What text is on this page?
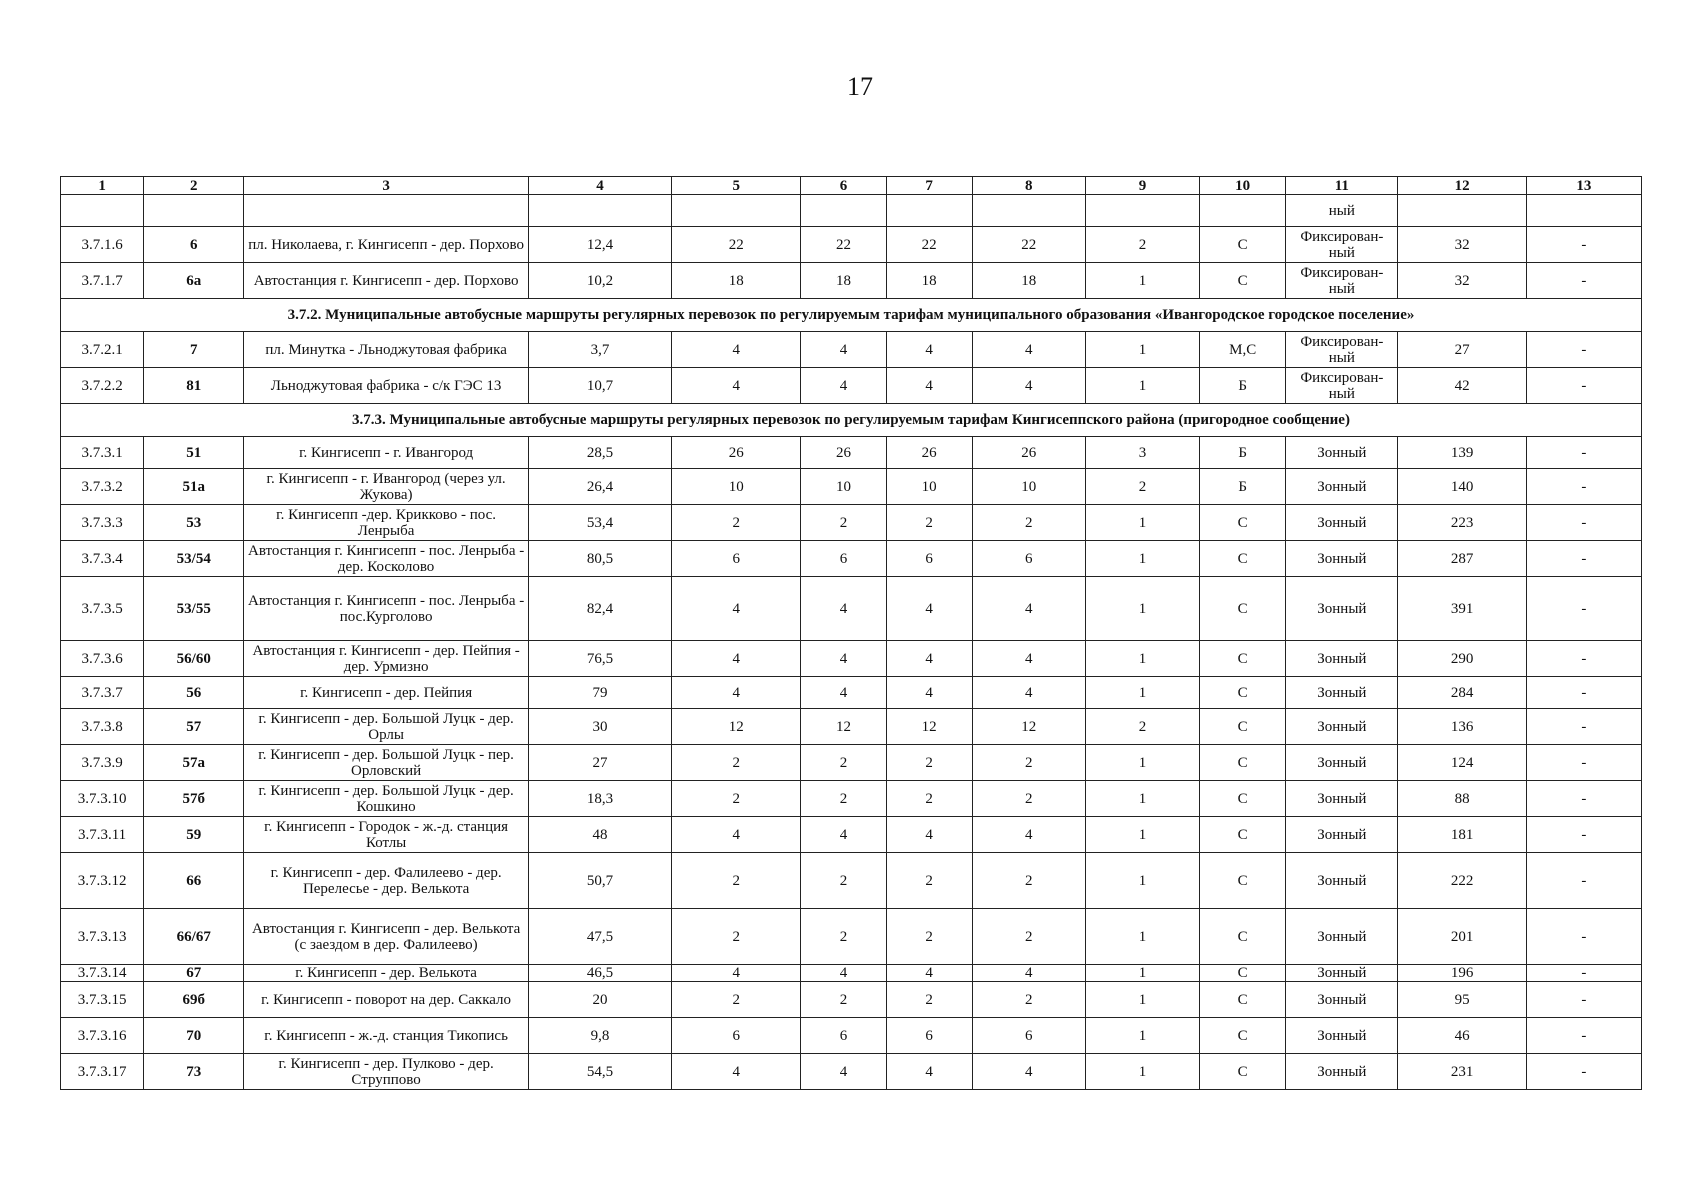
17
1	2	3	4	5	6	7	8	9	10	11	12	13
										ный		
3.7.1.6	6	пл. Николаева, г. Кингисепп - дер. Порхово	12,4	22	22	22	22	2	С	Фиксирован-ный	32	-
3.7.1.7	6а	Автостанция г. Кингисепп - дер. Порхово	10,2	18	18	18	18	1	С	Фиксирован-ный	32	-
3.7.2. Муниципальные автобусные маршруты регулярных перевозок по регулируемым тарифам муниципального образования «Ивангородское городское поселение»												
3.7.2.1	7	пл. Минутка - Льноджутовая фабрика	3,7	4	4	4	4	1	М,С	Фиксирован-ный	27	-
3.7.2.2	81	Льноджутовая фабрика - с/к ГЭС 13	10,7	4	4	4	4	1	Б	Фиксирован-ный	42	-
3.7.3. Муниципальные автобусные маршруты регулярных перевозок по регулируемым тарифам Кингисеппского района (пригородное сообщение)												
3.7.3.1	51	г. Кингисепп - г. Ивангород	28,5	26	26	26	26	3	Б	Зонный	139	-
3.7.3.2	51а	г. Кингисепп - г. Ивангород (через ул. Жукова)	26,4	10	10	10	10	2	Б	Зонный	140	-
3.7.3.3	53	г. Кингисепп -дер. Крикково - пос. Ленрыба	53,4	2	2	2	2	1	С	Зонный	223	-
3.7.3.4	53/54	Автостанция г. Кингисепп - пос. Ленрыба - дер. Косколово	80,5	6	6	6	6	1	С	Зонный	287	-
3.7.3.5	53/55	Автостанция г. Кингисепп - пос. Ленрыба - пос.Курголово	82,4	4	4	4	4	1	С	Зонный	391	-
3.7.3.6	56/60	Автостанция г. Кингисепп - дер. Пейпия - дер. Урмизно	76,5	4	4	4	4	1	С	Зонный	290	-
3.7.3.7	56	г. Кингисепп - дер. Пейпия	79	4	4	4	4	1	С	Зонный	284	-
3.7.3.8	57	г. Кингисепп - дер. Большой Луцк - дер. Орлы	30	12	12	12	12	2	С	Зонный	136	-
3.7.3.9	57а	г. Кингисепп - дер. Большой Луцк - пер. Орловский	27	2	2	2	2	1	С	Зонный	124	-
3.7.3.10	57б	г. Кингисепп - дер. Большой Луцк - дер. Кошкино	18,3	2	2	2	2	1	С	Зонный	88	-
3.7.3.11	59	г. Кингисепп - Городок - ж.-д. станция Котлы	48	4	4	4	4	1	С	Зонный	181	-
3.7.3.12	66	г. Кингисепп - дер. Фалилеево - дер. Перелесье - дер. Велькота	50,7	2	2	2	2	1	С	Зонный	222	-
3.7.3.13	66/67	Автостанция г. Кингисепп - дер. Велькота (с заездом в дер. Фалилеево)	47,5	2	2	2	2	1	С	Зонный	201	-
3.7.3.14	67	г. Кингисепп - дер. Велькота	46,5	4	4	4	4	1	С	Зонный	196	-
3.7.3.15	69б	г. Кингисепп - поворот на дер. Саккало	20	2	2	2	2	1	С	Зонный	95	-
3.7.3.16	70	г. Кингисепп - ж.-д. станция Тикопись	9,8	6	6	6	6	1	С	Зонный	46	-
3.7.3.17	73	г. Кингисепп - дер. Пулково - дер. Струппово	54,5	4	4	4	4	1	С	Зонный	231	-
